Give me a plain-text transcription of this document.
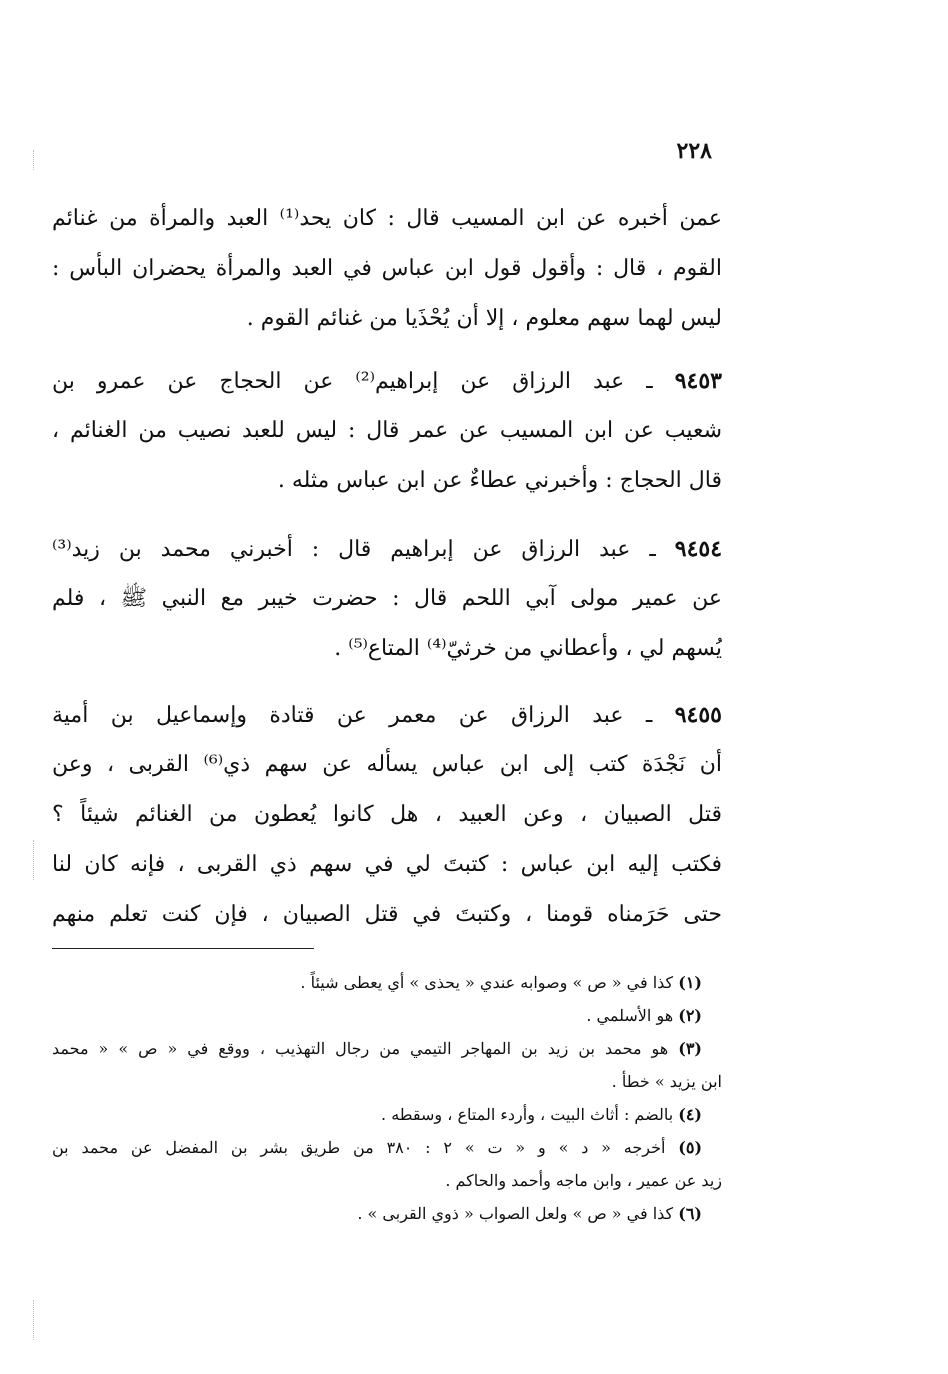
٢٢٨
عمن أخبره عن ابن المسيب قال : كان يحد⁽¹⁾ العبد والمرأة من غنائم
القوم ، قال : وأقول قول ابن عباس في العبد والمرأة يحضران البأس :
ليس لهما سهم معلوم ، إلا أن يُحْذَيا من غنائم القوم .
٩٤٥٣ ـ عبد الرزاق عن إبراهيم⁽²⁾ عن الحجاج عن عمرو بن
شعيب عن ابن المسيب عن عمر قال : ليس للعبد نصيب من الغنائم ،
قال الحجاج : وأخبرني عطاءٌ عن ابن عباس مثله .
٩٤٥٤ ـ عبد الرزاق عن إبراهيم قال : أخبرني محمد بن زيد⁽³⁾
عن عمير مولى آبي اللحم قال : حضرت خيبر مع النبي ﷺ ، فلم
يُسهم لي ، وأعطاني من خرثيّ⁽⁴⁾ المتاع⁽⁵⁾ .
٩٤٥٥ ـ عبد الرزاق عن معمر عن قتادة وإسماعيل بن أمية
أن نَجْدَة كتب إلى ابن عباس يسأله عن سهم ذي⁽⁶⁾ القربى ، وعن
قتل الصبيان ، وعن العبيد ، هل كانوا يُعطون من الغنائم شيئاً ؟
فكتب إليه ابن عباس : كتبتَ لي في سهم ذي القربى ، فإنه كان لنا
حتى حَرَمناه قومنا ، وكتبتَ في قتل الصبيان ، فإن كنت تعلم منهم
(١) كذا في « ص » وصوابه عندي « يحذى » أي يعطى شيئاً .
(٢) هو الأسلمي .
(٣) هو محمد بن زيد بن المهاجر التيمي من رجال التهذيب ، ووقع في « ص » « محمد
ابن يزيد » خطأ .
(٤) بالضم : أثاث البيت ، وأردء المتاع ، وسقطه .
(٥) أخرجه « د » و « ت » ٢ : ٣٨٠ من طريق بشر بن المفضل عن محمد بن
زيد عن عمير ، وابن ماجه وأحمد والحاكم .
(٦) كذا في « ص » ولعل الصواب « ذوي القربى » .
